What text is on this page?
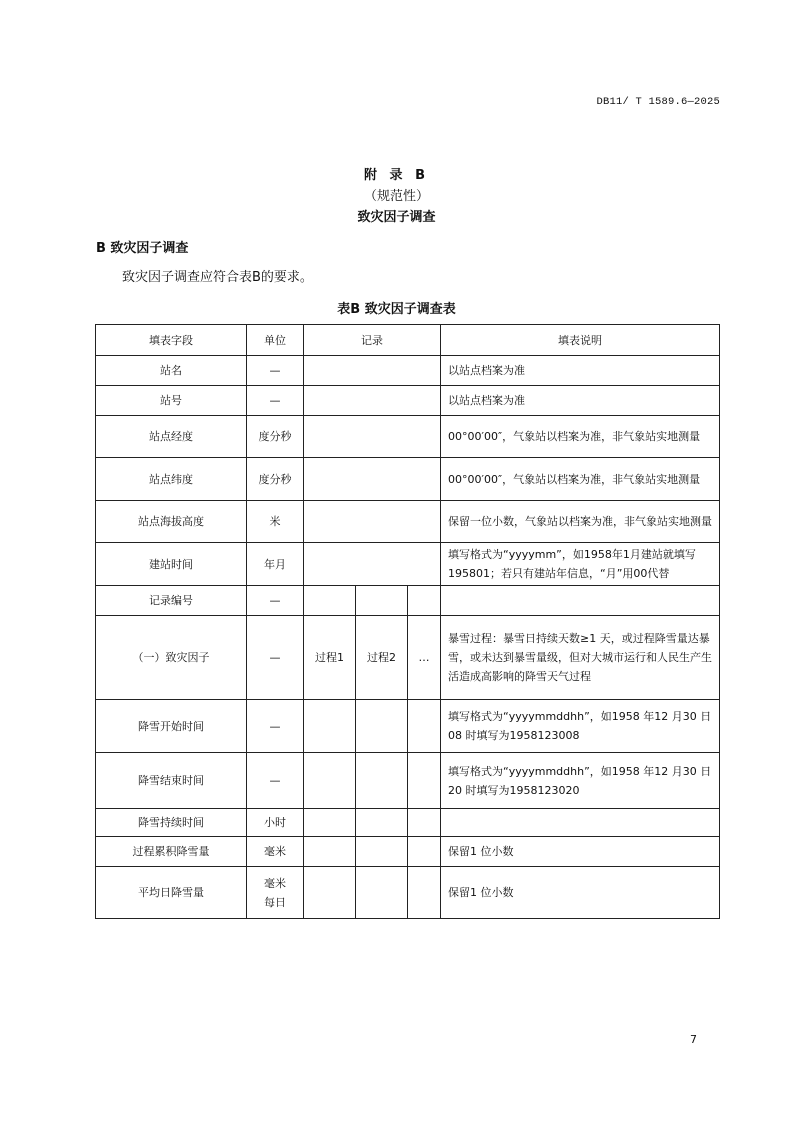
DB11/ T 1589.6—2025
附 录 B
（规范性）
致灾因子调查
B 致灾因子调查
致灾因子调查应符合表B的要求。
表B 致灾因子调查表
填表字段	单位	记录			填表说明
站名	—				以站点档案为准
站号	—				以站点档案为准
站点经度	度分秒				00°00′00″，气象站以档案为准，非气象站实地测量
站点纬度	度分秒				00°00′00″，气象站以档案为准，非气象站实地测量
站点海拔高度	米				保留一位小数，气象站以档案为准，非气象站实地测量
建站时间	年月				填写格式为“yyyymm”，如1958年1月建站就填写195801；若只有建站年信息，“月”用00代替
记录编号	—				
（一）致灾因子	—	过程1	过程2	…	暴雪过程：暴雪日持续天数≥1 天，或过程降雪量达暴雪，或未达到暴雪量级，但对大城市运行和人民生产生活造成高影响的降雪天气过程
降雪开始时间	—				填写格式为“yyyymmddhh”，如1958 年12 月30 日08 时填写为1958123008
降雪结束时间	—				填写格式为“yyyymmddhh”，如1958 年12 月30 日20 时填写为1958123020
降雪持续时间	小时				
过程累积降雪量	毫米				保留1 位小数
平均日降雪量	毫米每日				保留1 位小数
7
